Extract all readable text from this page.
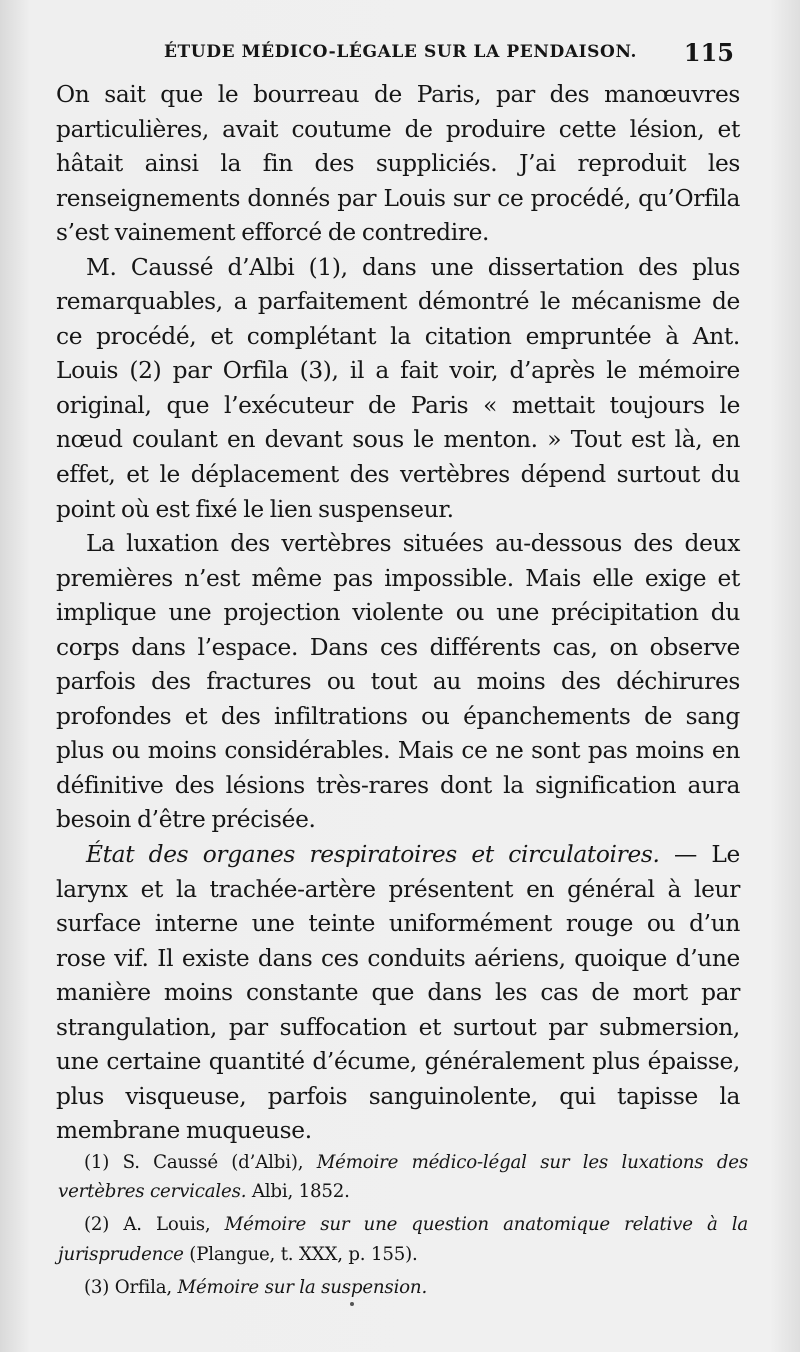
ÉTUDE MÉDICO-LÉGALE SUR LA PENDAISON. 115

On sait que le bourreau de Paris, par des manœuvres particulières, avait coutume de produire cette lésion, et hâtait ainsi la fin des suppliciés. J’ai reproduit les renseignements donnés par Louis sur ce procédé, qu’Orfila s’est vainement efforcé de contredire.

M. Caussé d’Albi (1), dans une dissertation des plus remarquables, a parfaitement démontré le mécanisme de ce procédé, et complétant la citation empruntée à Ant. Louis (2) par Orfila (3), il a fait voir, d’après le mémoire original, que l’exécuteur de Paris « mettait toujours le nœud coulant en devant sous le menton. » Tout est là, en effet, et le déplacement des vertèbres dépend surtout du point où est fixé le lien suspenseur.

La luxation des vertèbres situées au-dessous des deux premières n’est même pas impossible. Mais elle exige et implique une projection violente ou une précipitation du corps dans l’espace. Dans ces différents cas, on observe parfois des fractures ou tout au moins des déchirures profondes et des infiltrations ou épanchements de sang plus ou moins considérables. Mais ce ne sont pas moins en définitive des lésions très-rares dont la signification aura besoin d’être précisée.

État des organes respiratoires et circulatoires. — Le larynx et la trachée-artère présentent en général à leur surface interne une teinte uniformément rouge ou d’un rose vif. Il existe dans ces conduits aériens, quoique d’une manière moins constante que dans les cas de mort par strangulation, par suffocation et surtout par submersion, une certaine quantité d’écume, généralement plus épaisse, plus visqueuse, parfois sanguinolente, qui tapisse la membrane muqueuse.

(1) S. Caussé (d’Albi), Mémoire médico-légal sur les luxations des vertèbres cervicales. Albi, 1852.

(2) A. Louis, Mémoire sur une question anatomique relative à la jurisprudence (Plangue, t. XXX, p. 155).

(3) Orfila, Mémoire sur la suspension.
